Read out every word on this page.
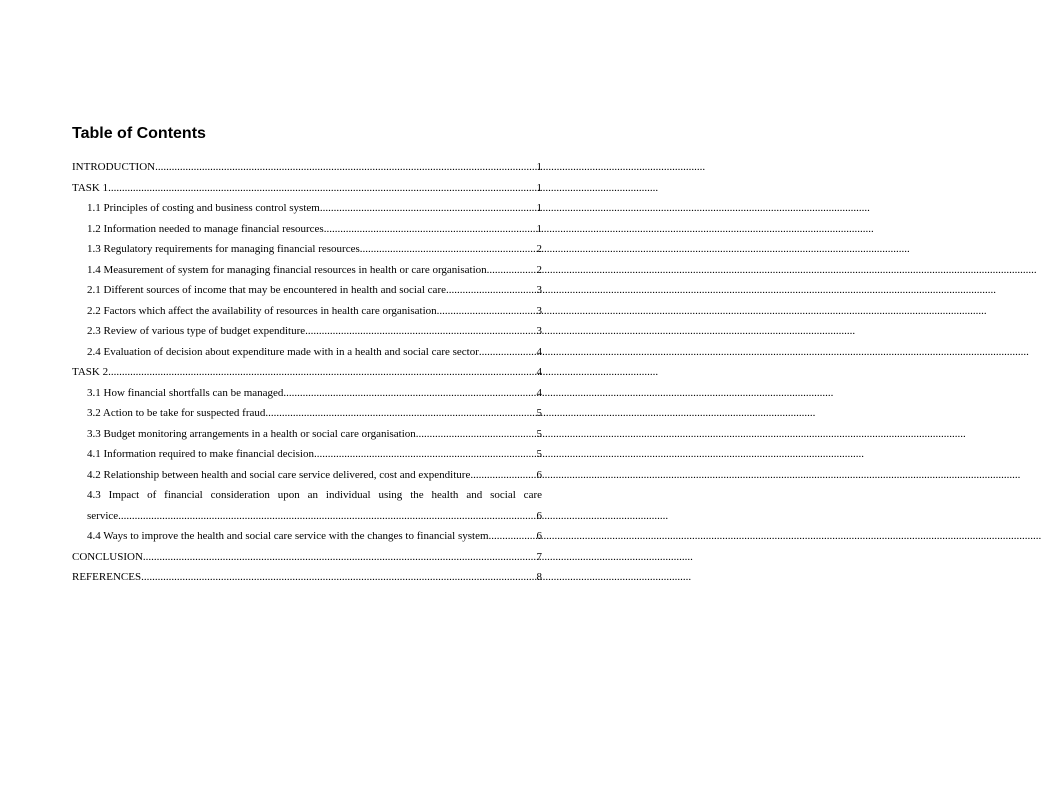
Table of Contents
INTRODUCTION .....	1
TASK 1 .....	1
1.1 Principles of costing and business control system .....	1
1.2 Information needed to manage financial resources .....	1
1.3 Regulatory requirements for managing financial resources .....	2
1.4 Measurement of system for managing financial resources in health or care organisation .....	2
2.1 Different sources of income that may be encountered in health and social care .....	3
2.2 Factors which affect the availability of resources in health care organisation .....	3
2.3 Review of various type of budget expenditure .....	3
2.4 Evaluation of decision about expenditure made with in a health and social care sector .....	4
TASK 2 .....	4
3.1 How financial shortfalls can be managed .....	4
3.2 Action to be take for suspected fraud .....	5
3.3 Budget monitoring arrangements in a health or social care organisation .....	5
4.1 Information required to make financial decision .....	5
4.2 Relationship between health and social care service delivered, cost and expenditure .....	6
4.3 Impact of financial consideration upon an individual using the health and social care
service .....	6
4.4 Ways to improve the health and social care service with the changes to financial system. .....	6
CONCLUSION .....	7
REFERENCES .....	8
